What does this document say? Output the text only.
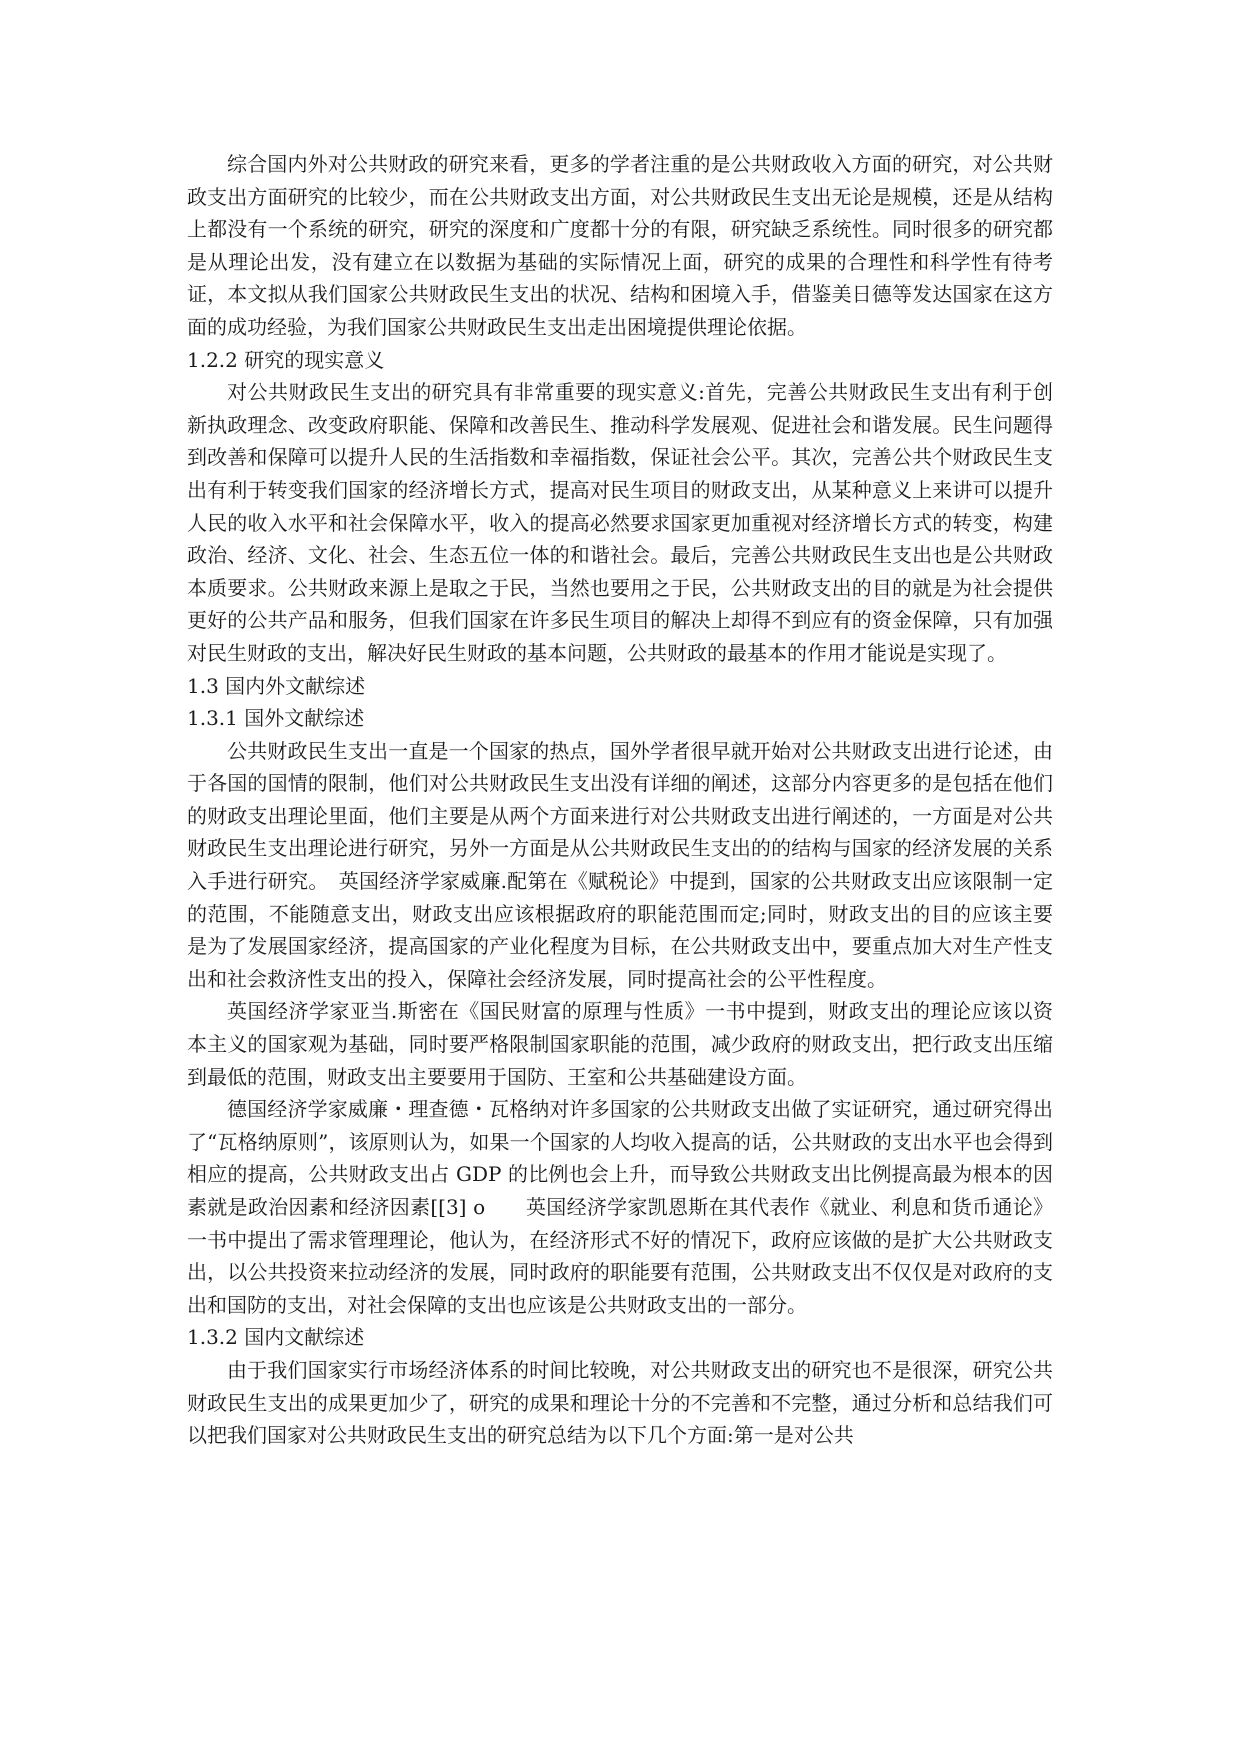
综合国内外对公共财政的研究来看，更多的学者注重的是公共财政收入方面的研究，对公共财政支出方面研究的比较少，而在公共财政支出方面，对公共财政民生支出无论是规模，还是从结构上都没有一个系统的研究，研究的深度和广度都十分的有限，研究缺乏系统性。同时很多的研究都是从理论出发，没有建立在以数据为基础的实际情况上面，研究的成果的合理性和科学性有待考证，本文拟从我们国家公共财政民生支出的状况、结构和困境入手，借鉴美日德等发达国家在这方面的成功经验，为我们国家公共财政民生支出走出困境提供理论依据。

1.2.2 研究的现实意义

对公共财政民生支出的研究具有非常重要的现实意义:首先，完善公共财政民生支出有利于创新执政理念、改变政府职能、保障和改善民生、推动科学发展观、促进社会和谐发展。民生问题得到改善和保障可以提升人民的生活指数和幸福指数，保证社会公平。其次，完善公共个财政民生支出有利于转变我们国家的经济增长方式，提高对民生项目的财政支出，从某种意义上来讲可以提升人民的收入水平和社会保障水平，收入的提高必然要求国家更加重视对经济增长方式的转变，构建政治、经济、文化、社会、生态五位一体的和谐社会。最后，完善公共财政民生支出也是公共财政本质要求。公共财政来源上是取之于民，当然也要用之于民，公共财政支出的目的就是为社会提供更好的公共产品和服务，但我们国家在许多民生项目的解决上却得不到应有的资金保障，只有加强对民生财政的支出，解决好民生财政的基本问题，公共财政的最基本的作用才能说是实现了。

1.3 国内外文献综述

1.3.1 国外文献综述

公共财政民生支出一直是一个国家的热点，国外学者很早就开始对公共财政支出进行论述，由于各国的国情的限制，他们对公共财政民生支出没有详细的阐述，这部分内容更多的是包括在他们的财政支出理论里面，他们主要是从两个方面来进行对公共财政支出进行阐述的，一方面是对公共财政民生支出理论进行研究，另外一方面是从公共财政民生支出的的结构与国家的经济发展的关系入手进行研究。　英国经济学家威廉.配第在《赋税论》中提到，国家的公共财政支出应该限制一定的范围，不能随意支出，财政支出应该根据政府的职能范围而定;同时，财政支出的目的应该主要是为了发展国家经济，提高国家的产业化程度为目标，在公共财政支出中，要重点加大对生产性支出和社会救济性支出的投入，保障社会经济发展，同时提高社会的公平性程度。

英国经济学家亚当.斯密在《国民财富的原理与性质》一书中提到，财政支出的理论应该以资本主义的国家观为基础，同时要严格限制国家职能的范围，减少政府的财政支出，把行政支出压缩到最低的范围，财政支出主要要用于国防、王室和公共基础建设方面。

德国经济学家威廉・理查德・瓦格纳对许多国家的公共财政支出做了实证研究，通过研究得出了“瓦格纳原则”，该原则认为，如果一个国家的人均收入提高的话，公共财政的支出水平也会得到相应的提高，公共财政支出占 GDP 的比例也会上升，而导致公共财政支出比例提高最为根本的因素就是政治因素和经济因素[[3] o　　英国经济学家凯恩斯在其代表作《就业、利息和货币通论》一书中提出了需求管理理论，他认为，在经济形式不好的情况下，政府应该做的是扩大公共财政支出，以公共投资来拉动经济的发展，同时政府的职能要有范围，公共财政支出不仅仅是对政府的支出和国防的支出，对社会保障的支出也应该是公共财政支出的一部分。

1.3.2 国内文献综述

由于我们国家实行市场经济体系的时间比较晚，对公共财政支出的研究也不是很深，研究公共财政民生支出的成果更加少了，研究的成果和理论十分的不完善和不完整，通过分析和总结我们可以把我们国家对公共财政民生支出的研究总结为以下几个方面:第一是对公共
